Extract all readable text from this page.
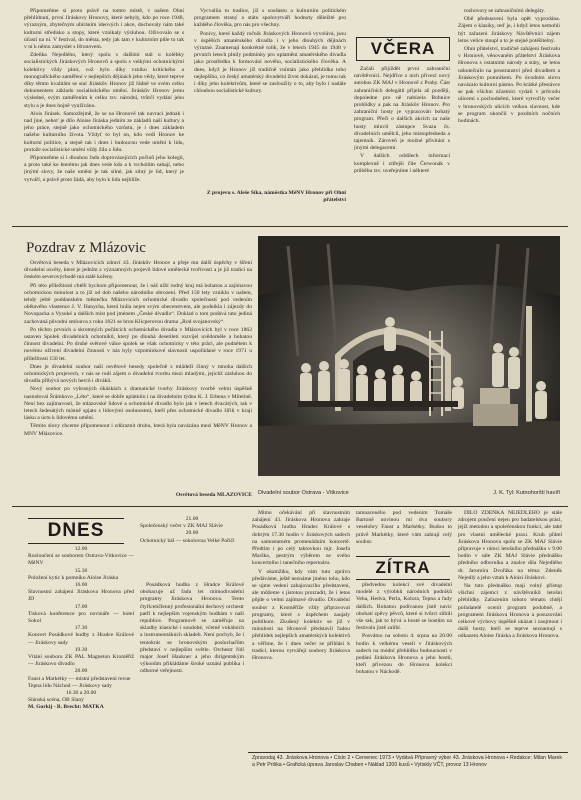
Připomeňme si proto právě na tomto místě, v našem Ohní přehlídnutí, první Jiráskovy Hronovy, které nebyly, kdo po roce 1948, výrazným, zbytečným ubíráním ideových i akce, dochovaly nám také kulturní středisko a stopy, které vznikaly výsluhou. Oživovalo se s účastí na ní. V festival, do města, tedy jak tam v kulturním půle to tak v ní k němu zamyslet s Hronovem.

Zdeňka Nejedlého, který spolu s dalšími stál u kolébky socialistických Jiráskových Hronovů a spolu s velkými ochotnickými kolektivy vždy plnit, což bylo díky vzniku kritického a monografického zaměření v nejlepších dějinách jeho vědy, které teprve díky těmto kvalitám se stal Jiráskův Hronov již řádně ve svém celku dokumentem základu socialistického umění. Jiráskův Hronov jemu výsledné, svým zaměřením k celku tzv. národní, tvůrčí vydání jeho stylu a je dnes hojně využíváno.

Alois Jirásek. Samozřejmě, že se na Hronově tak navrací jednak i nad jiné, neboť je dílo Aloise Jiráska jedním ze základů naší kultury a jeho práce, stejně jako ochotnického vzrůstu, je i dnes základem našeho kulturního života. Vždyť to byl on, kdo vedl Hronov ke kulturní politice, a stejně tak i dnes i budoucnu vede umění k lidu, protože socialistické umění vždy žilo z lidu.

Připomeňme si i dlouhou řadu doprovázejících počinů jeho kolegů, a proto také ke kterému jak dnes vede kdo a k vrcholům sahají, nebo jinými slovy, že naše umění je tak silné, jak silný je lid, který je vytváří, a právě proto žádá, aby bylo k lidu nejblíže.

Vycvalila tu tradice, již s soušastu a kulturním politickém programem straný a státu spoluvytváří hodnoty důležité pro každého člověka, pro nás pro všechny.

Ponivy, které každý ročník Jiráskových Hronovů vyvolává, jsou v úspěších amatérského divadla i v jeho dlouhých dějinách výrazné. Znamenají konkrétně tolik, že v letech 1945 do 1948 v prvních letech plnily podmínky pro uplatnění amatérského divadla jako prostředku k formování nového, socialistického člověka. A dnes, když je Hronov již tradičně vnímán jako přehlídka toho nejlepšího, co český amatérský divadelní život dokázal, je tomu tak i díky jeho kolektivům, které se zasloužily o to, aby bylo i nadále chloubou socialistické kultury.

Z projevu s. Aleše Šika, náměstka MěNV Hronov při Ohni přátelství
VČERA

Začali přijíždět první zahraniční návštěvníci. Nejdříve z nich přivezl nový autobus ZK MAJ v Hronově z Prahy. Část zahraničních delegátů přijela až později, dopoledne pro ně nabízela Bohnice prohlídky a pak na Jiráskův Hronov. Pro zahraniční hosty je vypracován bohatý program. Přečí o dalších akcích za naše hosty mluvil zástupce Svazu čs. divadelních umělců, jeho místopředseda a tajemník. Zároveň je možné přivítání s jinými delegacemi.

V dalších oddílech informací komplexně i zítřejší čile Čerwonák v průběhu tzv. uveřejníme i některé

rozhovory se zahraničními delegáty.

Obě představení byla opět vyprodána. Zájem o klasiky, teď je, i když letos nemohli být zařazeni Jiráskovy Návštěvníci zájem letos velice stoupl a to je stejně potěšitelný.

Ohni přátelství, tradičně zahájení festivalu v Hronově, věnovaném přátelství Jiráskova Hronova s ostatními národy a státy, se letos uskutečnilo na prostranství před divadlem a Jiráskovým pomníkem. Po úvodním slovu navázalo kulturní pásmo. Po krátké přestávce se pak všichni účastníci vydali v průvodu ulicemi s pochodněmi, které vytvořily večer v hronovských ulicích velkou slavnost, kde se program ukončil v pozdních nočních hodinách.

Pozdrav z Mlázovic

Osvětová beseda v Mlázovicích zdraví 43. Jiráskův Hronov a přeje mu další úspěchy v šíření divadelní osvěty, které je jedním z významných projevů lidové umělecké tvořivosti a je již tradicí na českém severovýchodě má stálé kořeny.

Při této příležitosti chtěli bychom připomenout, že i náš užší rodný kraj má bohatou a zajímavou ochotnickou minulost a to již od dob našeho národního obrození. Před 150 lety vzniklo v našem, tehdy ještě poddanském městečku Mlázovicích ochotnické divadlo společností pod vedením obětavého vlastence J. V. Hanycha, která hrála nejen svým obecenstvem, ale podnikla i zájezdy do Novopacka a Vysoké a dalších míst pod jménem „České divadlo“. Doklad o tom podává tato jediná zachovaná původní smlouva z roku 1821 se hrou Klicperovou drama „Rod svojanovský“.

Po těchto prvních a skromných počátcích ochotnického divadla v Mlázovicích byl v roce 1862 ustaven Spolek divadelních ochotníků, který po dlouhá desetiletí rozvíjel uvědoměle a bohatou činnost divadelní. Po druhé světové válce spolek se však ochotnicky v této práci, ale podnětem k novému oživení divadelní činnosti v nás byly vzpomínkové slavnosti uspořádané v roce 1971 u příležitosti 150 let.

Dnes je divadelní soubor naší osvětové besedy společně s mládeží činný v mnoha dalších ochotnických projevech, v nás se rodí zájem o divadelní tvorbu mezi mladými, jejichž zásluhou do divadla přibývá nových herců i diváků.

Nový soubor po vybraných úkázkách z dramatické tvorby Jiráskovy tvorbě velmi úspěšně nastudoval Šrámkovo „Léto“, které se dobře uplatnilo i na divadelním týdnu K. J. Erbena v Miletíně. Není bez zajímavosti, že mlázovské lidové a ochotnické divadlo bylo jak v letech dvacátých, tak v letech šedesátých místně spjato s lidovými osobnostmi, kteří přes ochotnické divadlo šířili v kraji lásku a úctu k lidovému umění.

Těmito slovy chceme připomenout i zdůraznit druhu, která byla navázána mezi MěNV Hronov a MNV Mlázovice.

Osvětová beseda MLÁZOVICE Divadelní soubor Ostrava - Vítkovice	J. K. Tyl: Kutnohorští havíři
DNES
12.00
Rozloučení se souborem Ostrava-Vítkovice — MěNV
15.30
Položení kytic k pomníku Aloise Jiráska
16.00
Slavnostní zahájení Jiráskova Hronova před JD
17.00
Tisková konference pro novináře — hotel Sokol
17.30
Koncert Posádkové hudby z Hradce Králové — Jiráskovy sady
19.30
Vítání souboru ZK PAL Magneton Kroměříž — Jiráskovo divadlo
20.00
Faust a Markétky — místní představení revue
Tepna lidu Náchod — Jiráskovy sady
16.30 a 20.00
Slánská scéna, OB Slaný
M. Gorkij - B. Brecht: MATKA
21.00
Společenský večer v ZK MAJ Slávie
20.00
Ochotnický bál — sokolovna Velké Poříčí

Posádková hudba z Hradce Králové obohacuje už řadu let mimodivadelní programy Jiráskova Hronova. Tento čtyřicetičlenný profesionální dechový orchestr patří k nejlepším vojenským hudbám v naší republice. Programově se zaměřuje na skladby klasické i soudobé, včetně vokálních a instrumentálních skladeb. Není pochyb, že i tentokrát se hronovským posluchačům představí v nejlepším světle. Orchestr řídí major Josef Haukner a jeho dirigentským výkonům přikládáme široké uznání publika i odborné veřejnosti.

Mimo očekávání při slavnostním zahájení 43. Jiráskova Hronova zahraje Posádková hudba Hradec Králové s dobrým 17.30 hodin v Jiráskových sadech na samostatném promenádním koncertě. Předtím i po celý taktovkou mjr. Josefa Marška, pestrým výběrem ze svého koncertního i tanečního repertoáru.

V okamžiku, kdy vám tuto zprávu předáváme, ještě neznáme jméno toho, kdo se ujme vedení zahajovacího představení, ale můžeme s jistotou prozradit, že i letos půjde o velmi zajímavé divadlo. Divadelní soubor z Kroměříže vždy připravoval programy, které s úspěchem zaujaly publikum. Zkušený kolektiv se již v minulosti na Hronově představil řadou přehlídek nejlepších amatérských kolektivů a věříme, že i dnes večer se přihlásí k tradici, kterou vytvářejí soubory Jiráskova Hronova.

tamnaceného pod vedením Tomáše Bartoně novinou mi dva soubory veselohry Faust a Markétky. Budou to právě Markétky, které vám zahrají celý soubor.
ZÍTRA

předvedou kolekci své divadelní modelé z výrobků národních podniků Veba, Hedva, Perla, Kolora, Tepna a řady dalších. Bohatou podívanou jistě navíc obohatí zpěvy pěvců, které si tvůrci slíbili vše tak, jak to bývá a hosté se hostům na festivalu jistě zalíbí.

Posvátno na sobotu 4. srpna na 20.00 hodin k velkému veselí v Jiráskových sadech na módní přehlídku budoucnosti v podání Jiráskova Hronova a jeho hostů, kteří přivezou do Hronova kolekci bohatou v Náchodě.

DÍLO ZDEŇKA NEJEDLÉHO je stále zdrojem poučení nejen pro badatelskou práci, jejíž metodou a společenskou funkcí, ale také pro vlastní umělecké praxi. Kruh přátel Jiráskova Hronova spolu se ZK MAJ Slávie připravuje v rámci letošního přednášku v 9.00 hodin v sále ZK MAJ Slávie přednášku předního odborníka a znalce díla Nejedlého dr. Jaromíra Dvořáka na téma: Zdeněk Nejedlý a jeho vztah k Aloisi Jiráskovi.

Na tuto přednášku mají volný přístup všichni zájemci z návštěvníků letošní přehlídky. Zařazením tohoto tématu chtějí pořadatelé ocenit program podobně, a programem Jiráskova Hronova a posuzování celkové výchovy úspěšně ukázat i zaujmout i další hosty, kteří se teprve seznamují s odkazem Aloise Jiráska a Jiráskova Hronova.

Zpravodaj 43. Jiráskova Hronova • Číslo 2 • Červenec 1973 • Vydává Přípravný výbor 43. Jiráskova Hronova • Redakce: Milan Marek a Petr Priška • Grafická úprava Jaroslav Chaben • Náklad 1200 kusů • Vytiskly VČT, provoz 13 Hronov
